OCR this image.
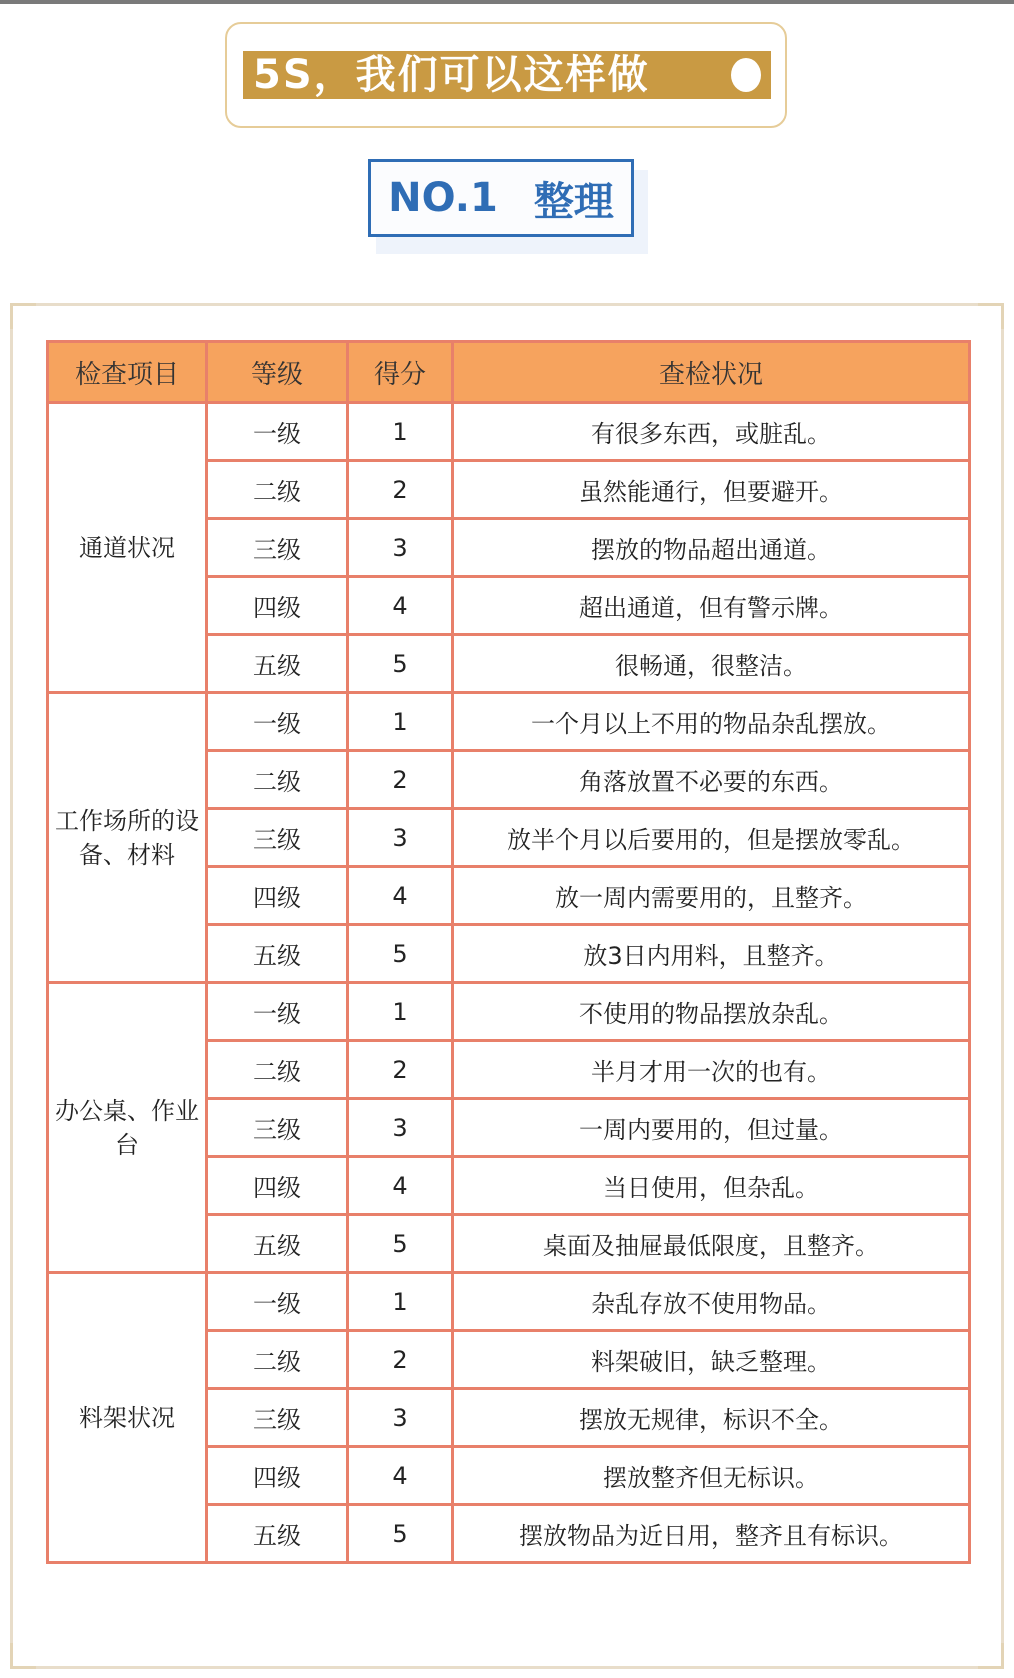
5S，我们可以这样做
NO.1 整理
检查项目	等级	得分	查检状况
通道状况	一级	1	有很多东西，或脏乱。
	二级	2	虽然能通行，但要避开。
	三级	3	摆放的物品超出通道。
	四级	4	超出通道，但有警示牌。
	五级	5	很畅通，很整洁。
工作场所的设备、材料	一级	1	一个月以上不用的物品杂乱摆放。
	二级	2	角落放置不必要的东西。
	三级	3	放半个月以后要用的，但是摆放零乱。
	四级	4	放一周内需要用的，且整齐。
	五级	5	放3日内用料，且整齐。
办公桌、作业台	一级	1	不使用的物品摆放杂乱。
	二级	2	半月才用一次的也有。
	三级	3	一周内要用的，但过量。
	四级	4	当日使用，但杂乱。
	五级	5	桌面及抽屉最低限度，且整齐。
料架状况	一级	1	杂乱存放不使用物品。
	二级	2	料架破旧，缺乏整理。
	三级	3	摆放无规律，标识不全。
	四级	4	摆放整齐但无标识。
	五级	5	摆放物品为近日用，整齐且有标识。
